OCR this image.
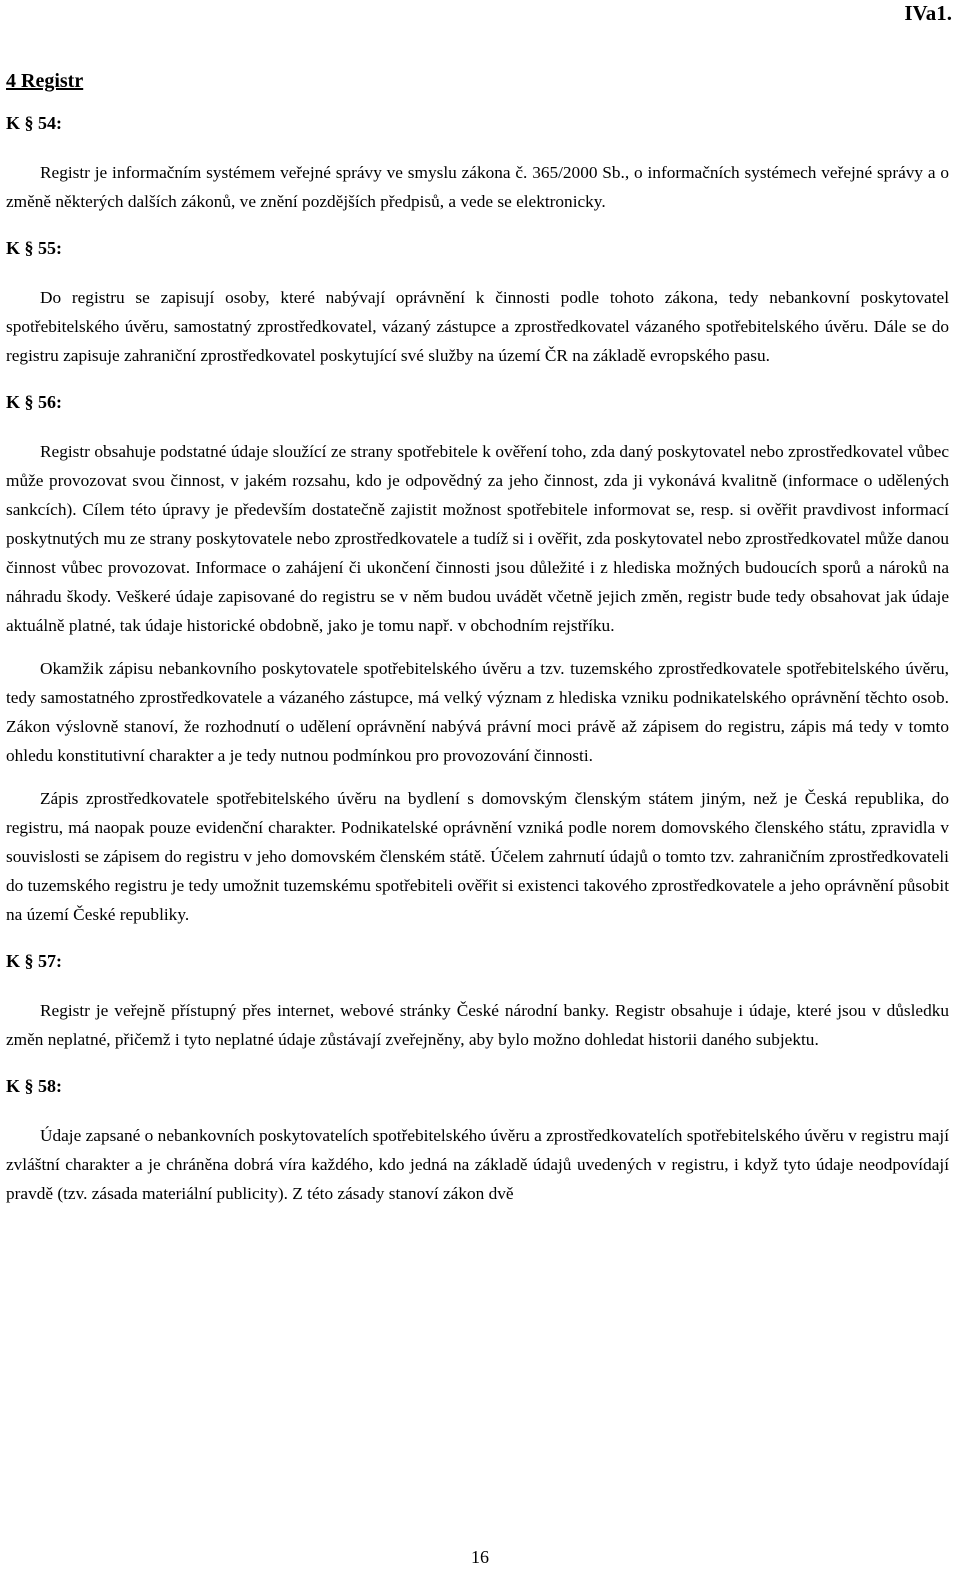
IVa1.
4 Registr
K § 54:

Registr je informačním systémem veřejné správy ve smyslu zákona č. 365/2000 Sb., o informačních systémech veřejné správy a o změně některých dalších zákonů, ve znění pozdějších předpisů, a vede se elektronicky.

K § 55:

Do registru se zapisují osoby, které nabývají oprávnění k činnosti podle tohoto zákona, tedy nebankovní poskytovatel spotřebitelského úvěru, samostatný zprostředkovatel, vázaný zástupce a zprostředkovatel vázaného spotřebitelského úvěru. Dále se do registru zapisuje zahraniční zprostředkovatel poskytující své služby na území ČR na základě evropského pasu.

K § 56:

Registr obsahuje podstatné údaje sloužící ze strany spotřebitele k ověření toho, zda daný poskytovatel nebo zprostředkovatel vůbec může provozovat svou činnost, v jakém rozsahu, kdo je odpovědný za jeho činnost, zda ji vykonává kvalitně (informace o udělených sankcích). Cílem této úpravy je především dostatečně zajistit možnost spotřebitele informovat se, resp. si ověřit pravdivost informací poskytnutých mu ze strany poskytovatele nebo zprostředkovatele a tudíž si i ověřit, zda poskytovatel nebo zprostředkovatel může danou činnost vůbec provozovat. Informace o zahájení či ukončení činnosti jsou důležité i z hlediska možných budoucích sporů a nároků na náhradu škody. Veškeré údaje zapisované do registru se v něm budou uvádět včetně jejich změn, registr bude tedy obsahovat jak údaje aktuálně platné, tak údaje historické obdobně, jako je tomu např. v obchodním rejstříku.

Okamžik zápisu nebankovního poskytovatele spotřebitelského úvěru a tzv. tuzemského zprostředkovatele spotřebitelského úvěru, tedy samostatného zprostředkovatele a vázaného zástupce, má velký význam z hlediska vzniku podnikatelského oprávnění těchto osob. Zákon výslovně stanoví, že rozhodnutí o udělení oprávnění nabývá právní moci právě až zápisem do registru, zápis má tedy v tomto ohledu konstitutivní charakter a je tedy nutnou podmínkou pro provozování činnosti.

Zápis zprostředkovatele spotřebitelského úvěru na bydlení s domovským členským státem jiným, než je Česká republika, do registru, má naopak pouze evidenční charakter. Podnikatelské oprávnění vzniká podle norem domovského členského státu, zpravidla v souvislosti se zápisem do registru v jeho domovském členském státě. Účelem zahrnutí údajů o tomto tzv. zahraničním zprostředkovateli do tuzemského registru je tedy umožnit tuzemskému spotřebiteli ověřit si existenci takového zprostředkovatele a jeho oprávnění působit na území České republiky.

K § 57:

Registr je veřejně přístupný přes internet, webové stránky České národní banky. Registr obsahuje i údaje, které jsou v důsledku změn neplatné, přičemž i tyto neplatné údaje zůstávají zveřejněny, aby bylo možno dohledat historii daného subjektu.

K § 58:

Údaje zapsané o nebankovních poskytovatelích spotřebitelského úvěru a zprostředkovatelích spotřebitelského úvěru v registru mají zvláštní charakter a je chráněna dobrá víra každého, kdo jedná na základě údajů uvedených v registru, i když tyto údaje neodpovídají pravdě (tzv. zásada materiální publicity). Z této zásady stanoví zákon dvě

16
